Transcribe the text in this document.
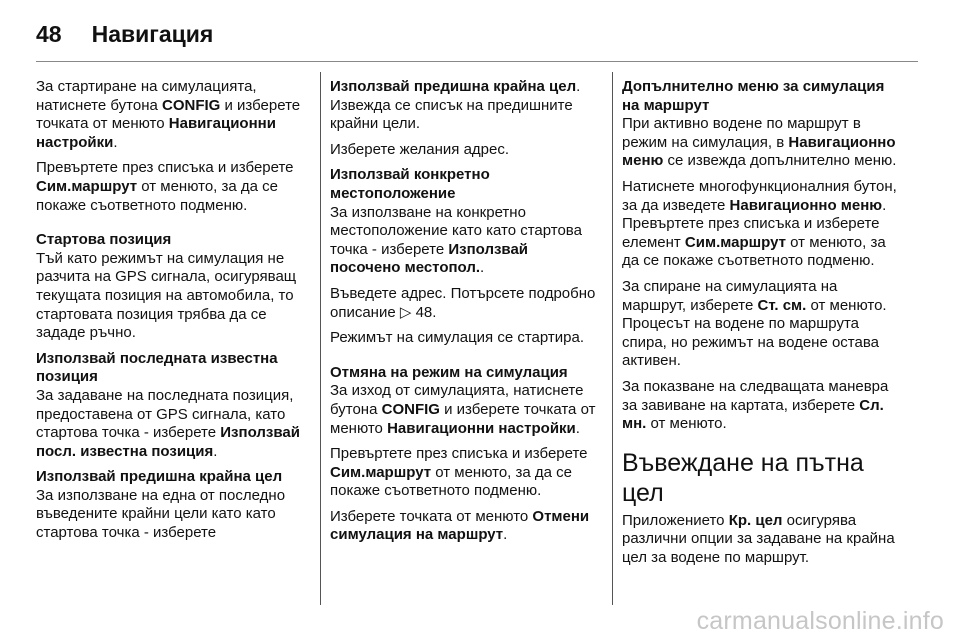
48 Навигация

За стартиране на симулацията, натиснете бутона CONFIG и изберете точката от менюто Навигационни настройки.

Превъртете през списъка и изберете Сим.маршрут от менюто, за да се покаже съответното подменю.

Стартова позиция
Тъй като режимът на симулация не разчита на GPS сигнала, осигуряващ текущата позиция на автомобила, то стартовата позиция трябва да се зададе ръчно.

Използвай последната известна позиция
За задаване на последната позиция, предоставена от GPS сигнала, като стартова точка - изберете Използвай посл. известна позиция.

Използвай предишна крайна цел
За използване на една от последно въведените крайни цели като като стартова точка - изберете

Използвай предишна крайна цел. Извежда се списък на предишните крайни цели.

Изберете желания адрес.

Използвай конкретно местоположение
За използване на конкретно местоположение като като стартова точка - изберете Използвай посочено местопол..

Въведете адрес. Потърсете подробно описание ▷ 48.

Режимът на симулация се стартира.

Отмяна на режим на симулация
За изход от симулацията, натиснете бутона CONFIG и изберете точката от менюто Навигационни настройки.

Превъртете през списъка и изберете Сим.маршрут от менюто, за да се покаже съответното подменю.

Изберете точката от менюто Отмени симулация на маршрут.

Допълнително меню за симулация на маршрут
При активно водене по маршрут в режим на симулация, в Навигационно меню се извежда допълнително меню.

Натиснете многофункционалния бутон, за да изведете Навигационно меню. Превъртете през списъка и изберете елемент Сим.маршрут от менюто, за да се покаже съответното подменю.

За спиране на симулацията на маршрут, изберете Ст. см. от менюто. Процесът на водене по маршрута спира, но режимът на водене остава активен.

За показване на следващата маневра за завиване на картата, изберете Сл. мн. от менюто.

Въвеждане на пътна цел

Приложението Кр. цел осигурява различни опции за задаване на крайна цел за водене по маршрут.

carmanualsonline.info
